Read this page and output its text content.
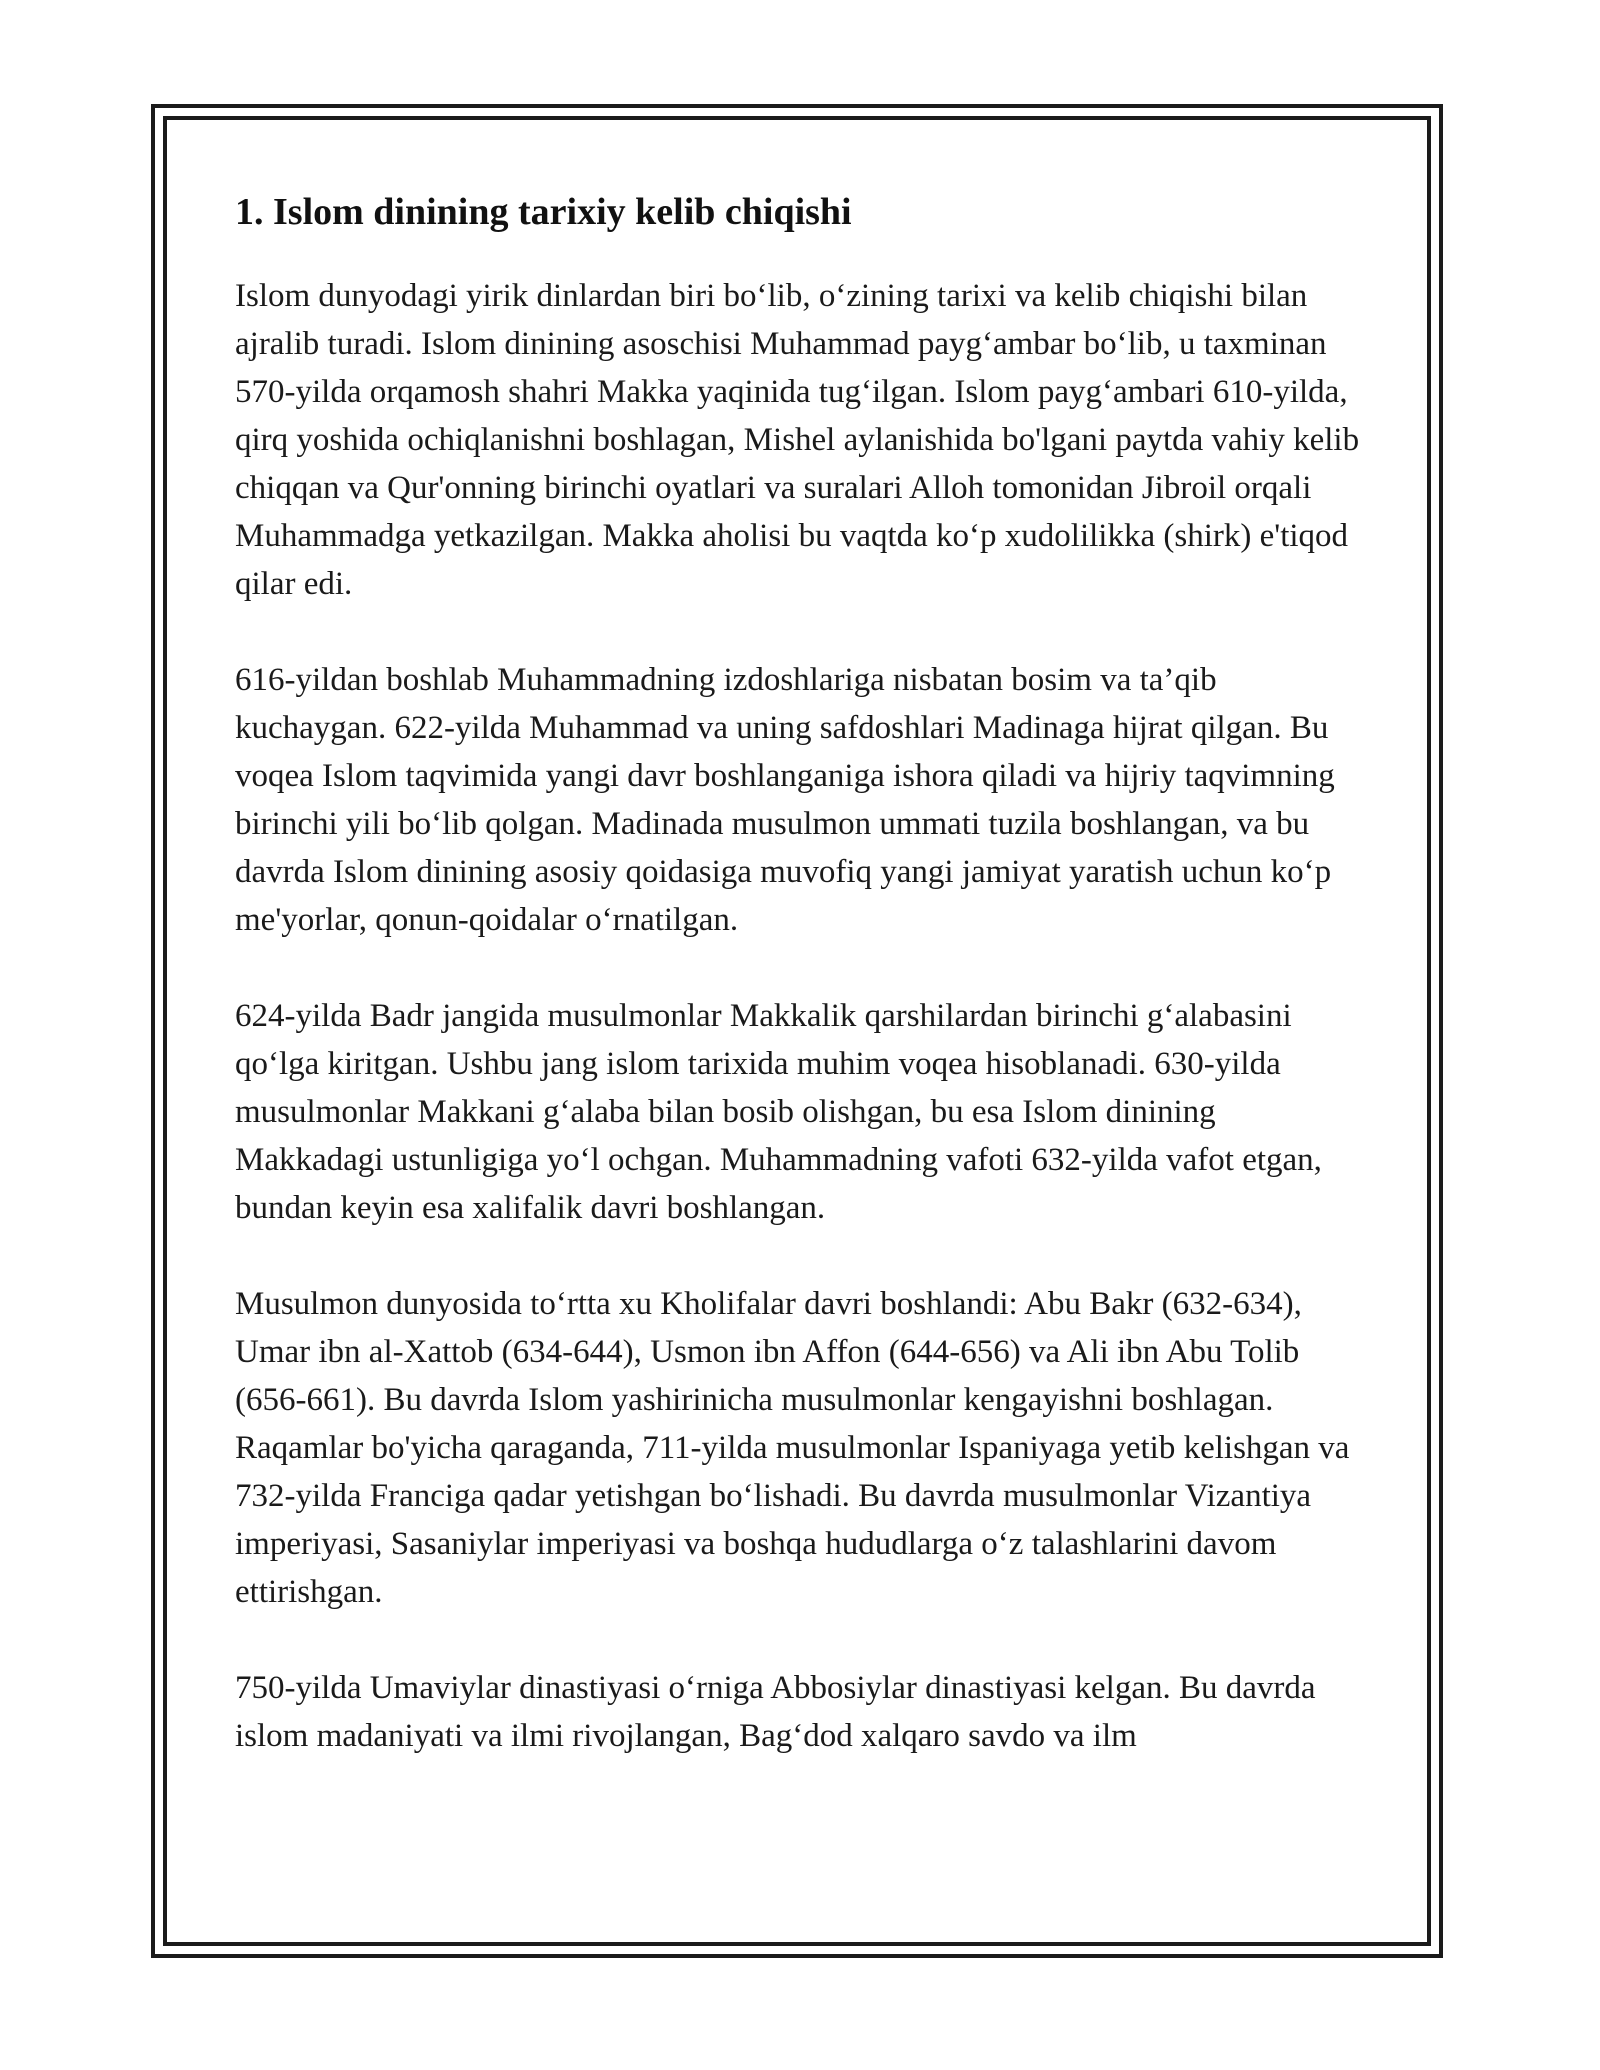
1. Islom dinining tarixiy kelib chiqishi

Islom dunyodagi yirik dinlardan biri bo‘lib, o‘zining tarixi va kelib chiqishi bilan ajralib turadi. Islom dinining asoschisi Muhammad payg‘ambar bo‘lib, u taxminan 570-yilda orqamosh shahri Makka yaqinida tug‘ilgan. Islom payg‘ambari 610-yilda, qirq yoshida ochiqlanishni boshlagan, Mishel aylanishida bo'lgani paytda vahiy kelib chiqqan va Qur'onning birinchi oyatlari va suralari Alloh tomonidan Jibroil orqali Muhammadga yetkazilgan. Makka aholisi bu vaqtda ko‘p xudolilikka (shirk) e'tiqod qilar edi.

616-yildan boshlab Muhammadning izdoshlariga nisbatan bosim va ta’qib kuchaygan. 622-yilda Muhammad va uning safdoshlari Madinaga hijrat qilgan. Bu voqea Islom taqvimida yangi davr boshlanganiga ishora qiladi va hijriy taqvimning birinchi yili bo‘lib qolgan. Madinada musulmon ummati tuzila boshlangan, va bu davrda Islom dinining asosiy qoidasiga muvofiq yangi jamiyat yaratish uchun ko‘p me'yorlar, qonun-qoidalar o‘rnatilgan.

624-yilda Badr jangida musulmonlar Makkalik qarshilardan birinchi g‘alabasini qo‘lga kiritgan. Ushbu jang islom tarixida muhim voqea hisoblanadi. 630-yilda musulmonlar Makkani g‘alaba bilan bosib olishgan, bu esa Islom dinining Makkadagi ustunligiga yo‘l ochgan. Muhammadning vafoti 632-yilda vafot etgan, bundan keyin esa xalifalik davri boshlangan.

Musulmon dunyosida to‘rtta xu Kholifalar davri boshlandi: Abu Bakr (632-634), Umar ibn al-Xattob (634-644), Usmon ibn Affon (644-656) va Ali ibn Abu Tolib (656-661). Bu davrda Islom yashirinicha musulmonlar kengayishni boshlagan. Raqamlar bo'yicha qaraganda, 711-yilda musulmonlar Ispaniyaga yetib kelishgan va 732-yilda Franciga qadar yetishgan bo‘lishadi. Bu davrda musulmonlar Vizantiya imperiyasi, Sasaniylar imperiyasi va boshqa hududlarga o‘z talashlarini davom ettirishgan.

750-yilda Umaviylar dinastiyasi o‘rniga Abbosiylar dinastiyasi kelgan. Bu davrda islom madaniyati va ilmi rivojlangan, Bag‘dod xalqaro savdo va ilm
